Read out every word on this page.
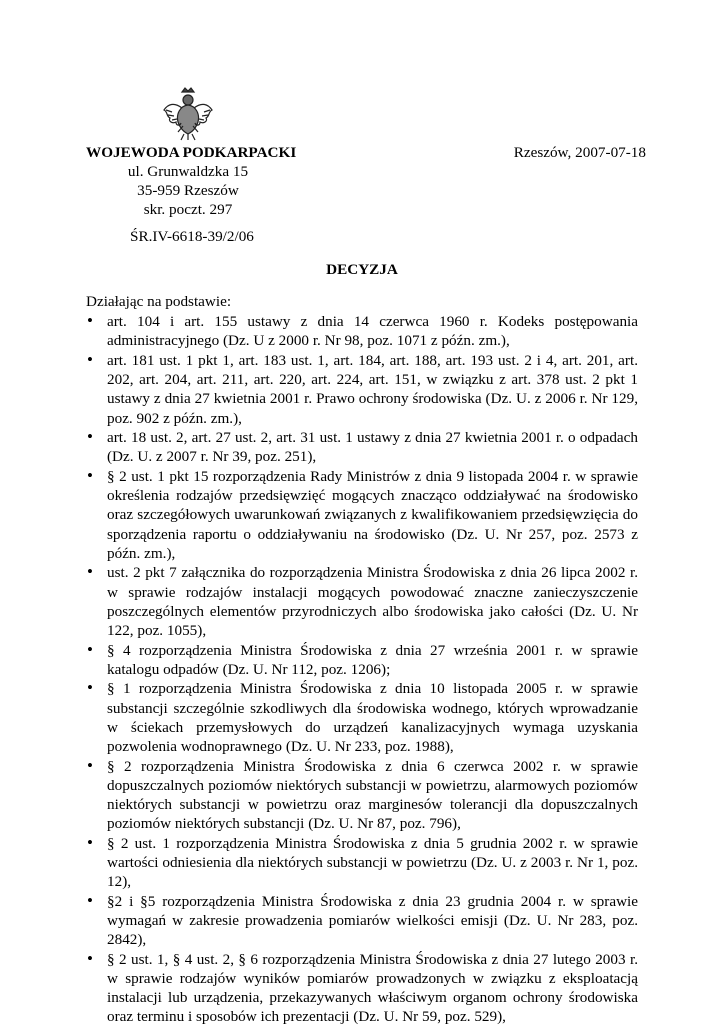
WOJEWODA PODKARPACKI	Rzeszów, 2007-07-18
ul. Grunwaldzka 15
35-959 Rzeszów
skr. poczt. 297
ŚR.IV-6618-39/2/06
DECYZJA
Działając na podstawie:
• art. 104 i art. 155 ustawy z dnia 14 czerwca 1960 r. Kodeks postępowania administracyjnego (Dz. U z 2000 r. Nr 98, poz. 1071 z późn. zm.),
• art. 181 ust. 1 pkt 1, art. 183 ust. 1, art. 184, art. 188, art. 193 ust. 2 i 4, art. 201, art. 202, art. 204, art. 211, art. 220, art. 224, art. 151, w związku z art. 378 ust. 2 pkt 1 ustawy z dnia 27 kwietnia 2001 r. Prawo ochrony środowiska (Dz. U. z 2006 r. Nr 129, poz. 902 z późn. zm.),
• art. 18 ust. 2, art. 27 ust. 2, art. 31 ust. 1 ustawy z dnia 27 kwietnia 2001 r. o odpadach (Dz. U. z 2007 r. Nr 39, poz. 251),
• § 2 ust. 1 pkt 15 rozporządzenia Rady Ministrów z dnia 9 listopada 2004 r. w sprawie określenia rodzajów przedsięwzięć mogących znacząco oddziaływać na środowisko oraz szczegółowych uwarunkowań związanych z kwalifikowaniem przedsięwzięcia do sporządzenia raportu o oddziaływaniu na środowisko (Dz. U. Nr 257, poz. 2573 z późn. zm.),
• ust. 2 pkt 7 załącznika do rozporządzenia Ministra Środowiska z dnia 26 lipca 2002 r. w sprawie rodzajów instalacji mogących powodować znaczne zanieczyszczenie poszczególnych elementów przyrodniczych albo środowiska jako całości (Dz. U. Nr 122, poz. 1055),
• § 4 rozporządzenia Ministra Środowiska z dnia 27 września 2001 r. w sprawie katalogu odpadów (Dz. U. Nr 112, poz. 1206);
• § 1 rozporządzenia Ministra Środowiska z dnia 10 listopada 2005 r. w sprawie substancji szczególnie szkodliwych dla środowiska wodnego, których wprowadzanie w ściekach przemysłowych do urządzeń kanalizacyjnych wymaga uzyskania pozwolenia wodnoprawnego (Dz. U. Nr 233, poz. 1988),
• § 2 rozporządzenia Ministra Środowiska z dnia 6 czerwca 2002 r. w sprawie dopuszczalnych poziomów niektórych substancji w powietrzu, alarmowych poziomów niektórych substancji w powietrzu oraz marginesów tolerancji dla dopuszczalnych poziomów niektórych substancji (Dz. U. Nr 87, poz. 796),
• § 2 ust. 1 rozporządzenia Ministra Środowiska z dnia 5 grudnia 2002 r. w sprawie wartości odniesienia dla niektórych substancji w powietrzu (Dz. U. z 2003 r. Nr 1, poz. 12),
• §2 i §5 rozporządzenia Ministra Środowiska z dnia 23 grudnia 2004 r. w sprawie wymagań w zakresie prowadzenia pomiarów wielkości emisji (Dz. U. Nr 283, poz. 2842),
• § 2 ust. 1, § 4 ust. 2, § 6 rozporządzenia Ministra Środowiska z dnia 27 lutego 2003 r. w sprawie rodzajów wyników pomiarów prowadzonych w związku z eksploatacją instalacji lub urządzenia, przekazywanych właściwym organom ochrony środowiska oraz terminu i sposobów ich prezentacji (Dz. U. Nr 59, poz. 529),
